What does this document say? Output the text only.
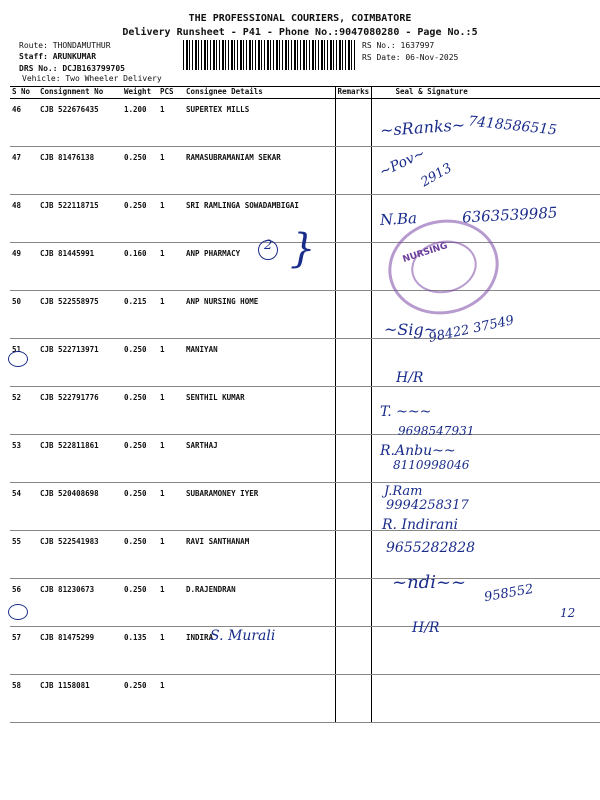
THE PROFESSIONAL COURIERS, COIMBATORE
Delivery Runsheet - P41 - Phone No.:9047080280 - Page No.:5
Route: THONDAMUTHUR
Staff: ARUNKUMAR
DRS No.: DCJB163799705
Vehicle: Two Wheeler Delivery
RS No.: 1637997
RS Date: 06-Nov-2025
S No	Consignment No	Weight	PCS	Consignee Details	Remarks	Seal & Signature
46	CJB 522676435	1.200	1	SUPERTEX MILLS		
47	CJB 81476138	0.250	1	RAMASUBRAMANIAM SEKAR		
48	CJB 522118715	0.250	1	SRI RAMLINGA SOWADAMBIGAI		
49	CJB 81445991	0.160	1	ANP PHARMACY		
50	CJB 522558975	0.215	1	ANP NURSING HOME		
51	CJB 522713971	0.250	1	MANIYAN		
52	CJB 522791776	0.250	1	SENTHIL KUMAR		
53	CJB 522811861	0.250	1	SARTHAJ		
54	CJB 520408698	0.250	1	SUBARAMONEY IYER		
55	CJB 522541983	0.250	1	RAVI SANTHANAM		
56	CJB 81230673	0.250	1	D.RAJENDRAN		
57	CJB 81475299	0.135	1	INDIRA		
58	CJB 1158081	0.250	1			
~sRanks~ 7418586515
~Pov~
2913
N.Ba	6363539985
2 }	NURSING
~Sig~
98422 37549
H/R
T. ~~~
9698547931
R.Anbu~~
8110998046
J.Ram
9994258317
R. Indirani
9655282828
~ndi~~ 958552
12
S. Murali	H/R
